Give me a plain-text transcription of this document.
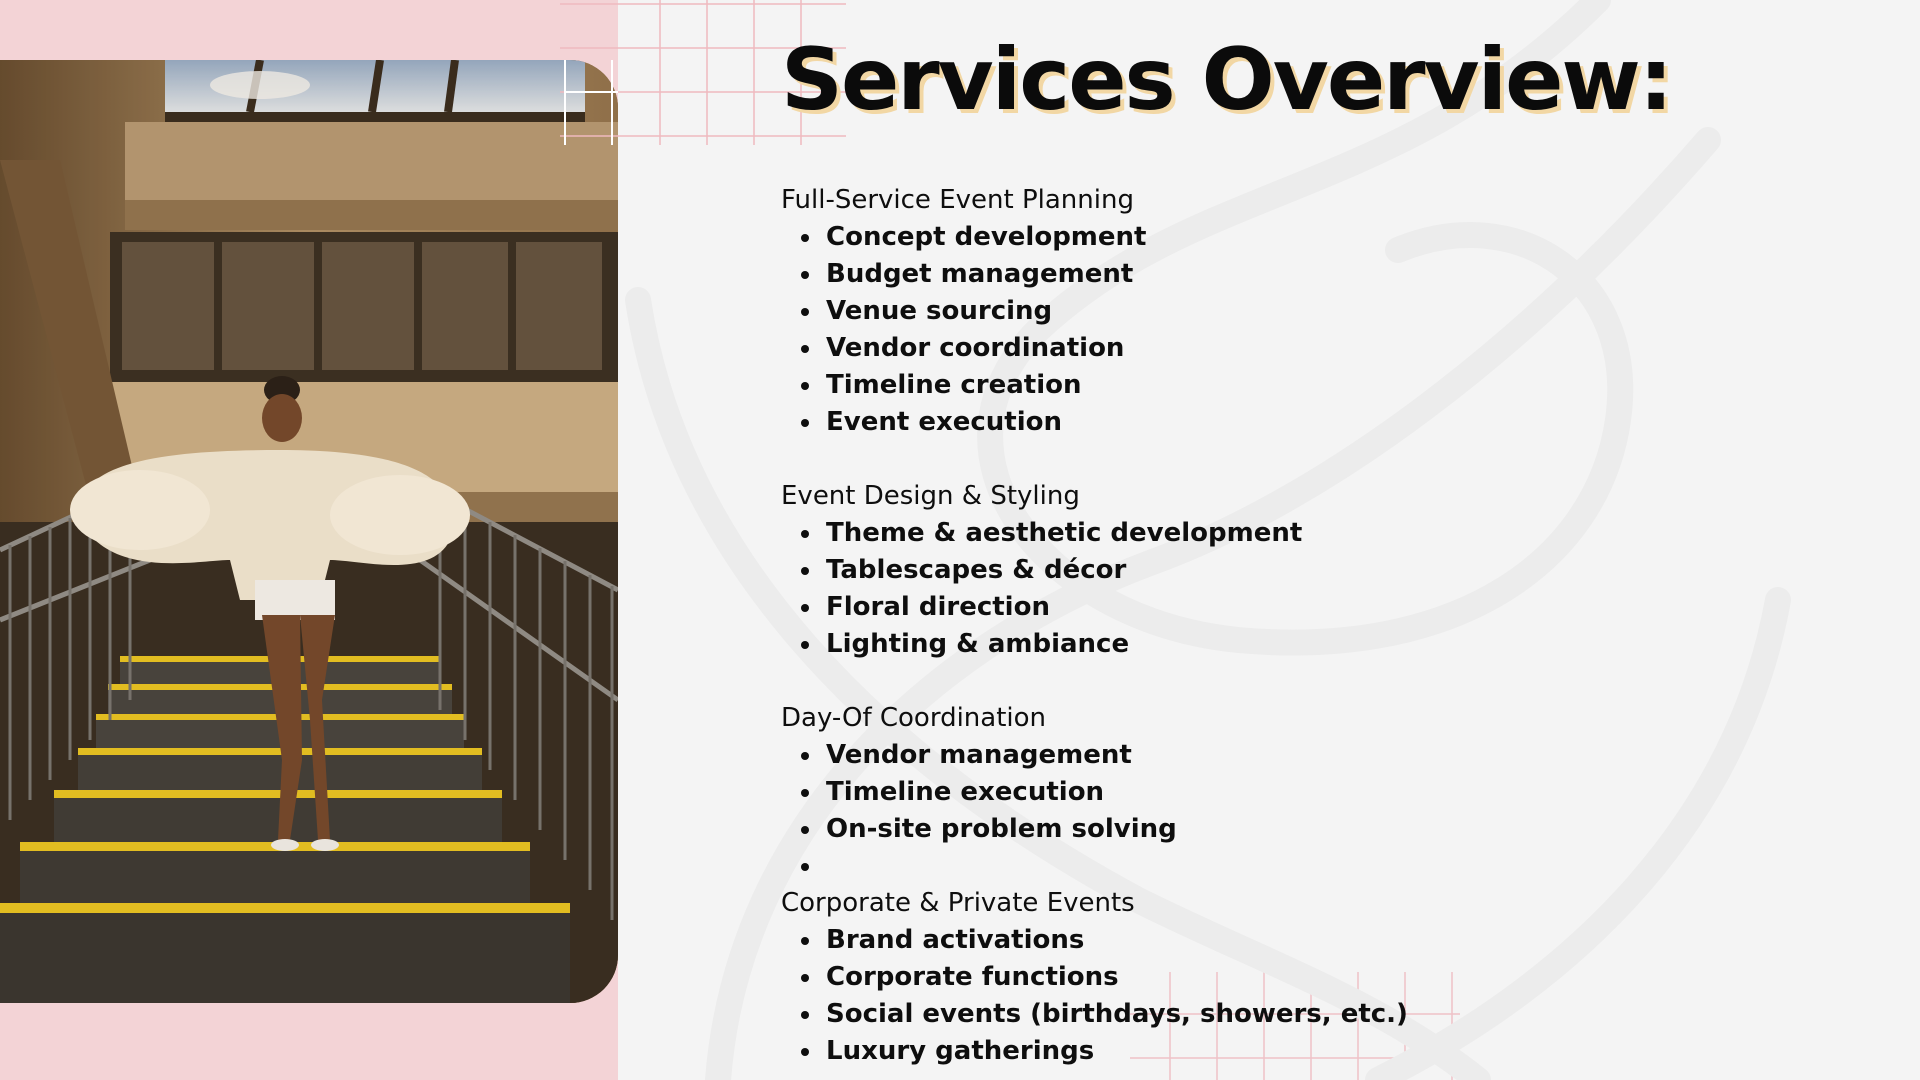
Services Overview:
Full-Service Event Planning
Concept development
Budget management
Venue sourcing
Vendor coordination
Timeline creation
Event execution
Event Design & Styling
Theme & aesthetic development
Tablescapes & décor
Floral direction
Lighting & ambiance
Day-Of Coordination
Vendor management
Timeline execution
On-site problem solving
Corporate & Private Events
Brand activations
Corporate functions
Social events (birthdays, showers, etc.)
Luxury gatherings
